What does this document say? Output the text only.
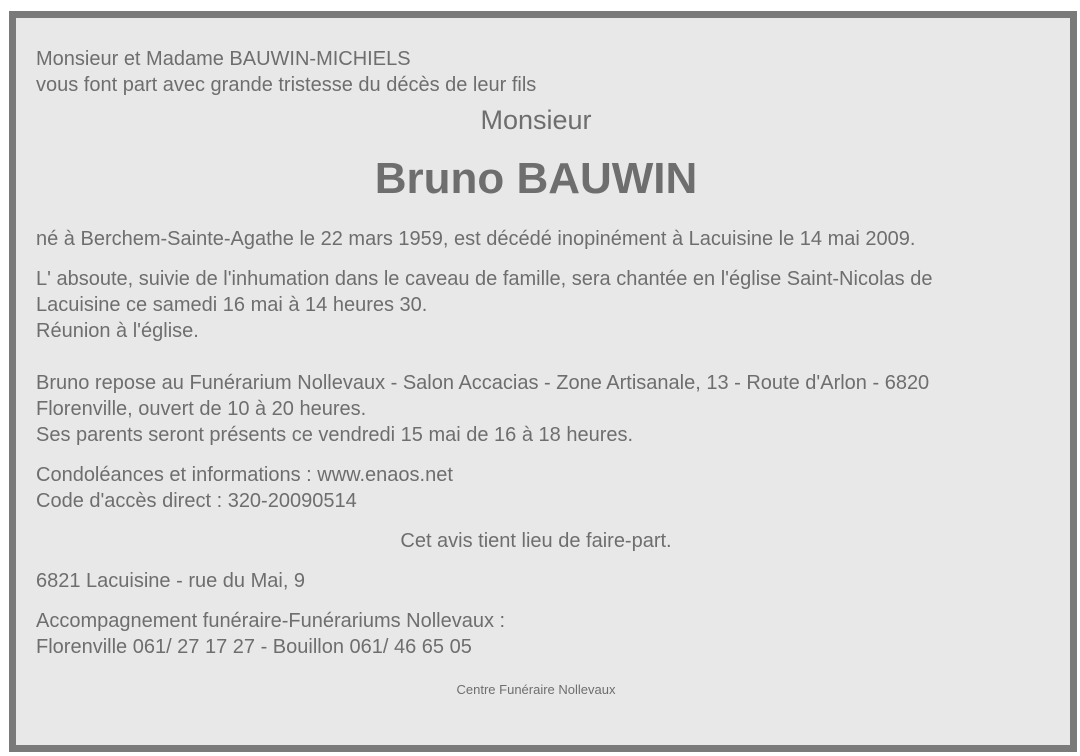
Monsieur et Madame BAUWIN-MICHIELS
vous font part avec grande tristesse du décès de leur fils
Monsieur
Bruno BAUWIN
né à Berchem-Sainte-Agathe le 22 mars 1959, est décédé inopinément à Lacuisine le 14 mai 2009.
L' absoute, suivie de l'inhumation dans le caveau de famille, sera chantée en l'église Saint-Nicolas de
Lacuisine ce samedi 16 mai à 14 heures 30.
Réunion à l'église.
Bruno repose au Funérarium Nollevaux - Salon Accacias - Zone Artisanale, 13 - Route d'Arlon - 6820
Florenville, ouvert de 10 à 20 heures.
Ses parents seront présents ce vendredi 15 mai de 16 à 18 heures.
Condoléances et informations : www.enaos.net
Code d'accès direct : 320-20090514
Cet avis tient lieu de faire-part.
6821 Lacuisine - rue du Mai, 9
Accompagnement funéraire-Funérariums Nollevaux :
Florenville 061/ 27 17 27 - Bouillon 061/ 46 65 05
Centre Funéraire Nollevaux
